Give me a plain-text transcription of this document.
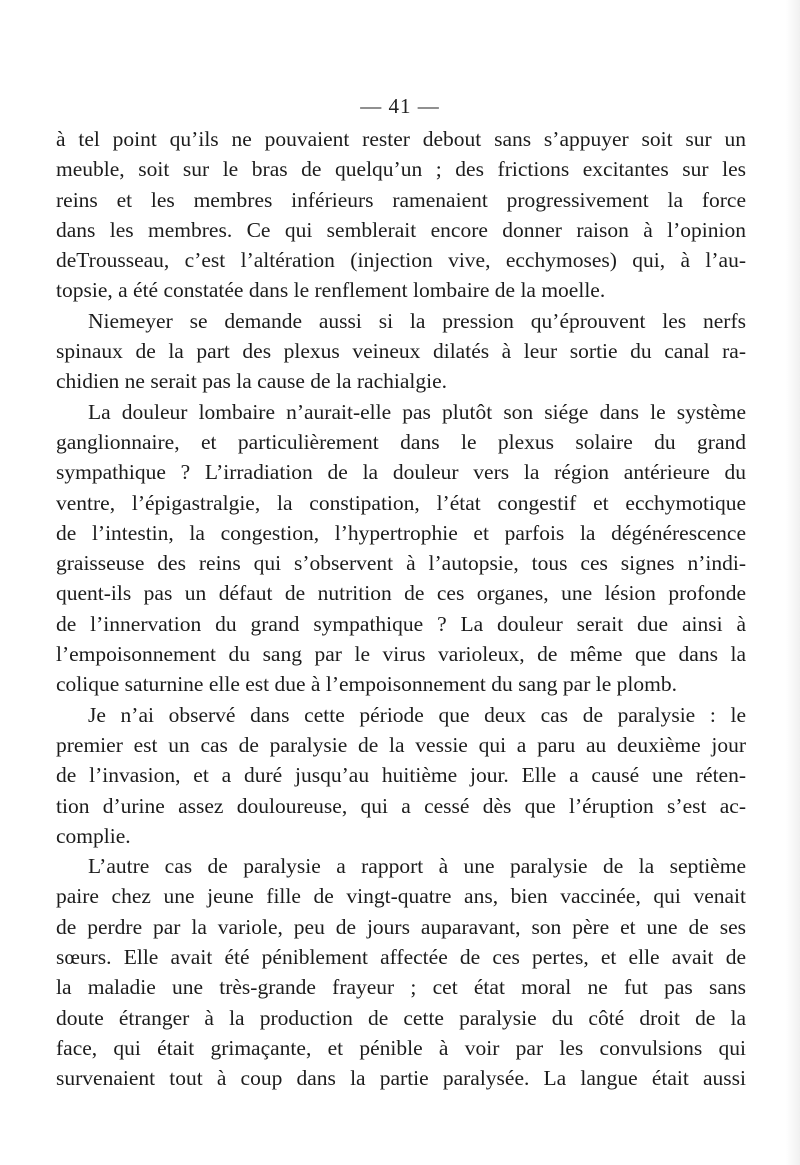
— 41 —
à tel point qu’ils ne pouvaient rester debout sans s’appuyer soit sur un
meuble, soit sur le bras de quelqu’un ; des frictions excitantes sur les
reins et les membres inférieurs ramenaient progressivement la force
dans les membres. Ce qui semblerait encore donner raison à l’opinion
deTrousseau, c’est l’altération (injection vive, ecchymoses) qui, à l’au-
topsie, a été constatée dans le renflement lombaire de la moelle.
Niemeyer se demande aussi si la pression qu’éprouvent les nerfs
spinaux de la part des plexus veineux dilatés à leur sortie du canal ra-
chidien ne serait pas la cause de la rachialgie.
La douleur lombaire n’aurait-elle pas plutôt son siége dans le système
ganglionnaire, et particulièrement dans le plexus solaire du grand
sympathique ? L’irradiation de la douleur vers la région antérieure du
ventre, l’épigastralgie, la constipation, l’état congestif et ecchymotique
de l’intestin, la congestion, l’hypertrophie et parfois la dégénérescence
graisseuse des reins qui s’observent à l’autopsie, tous ces signes n’indi-
quent-ils pas un défaut de nutrition de ces organes, une lésion profonde
de l’innervation du grand sympathique ? La douleur serait due ainsi à
l’empoisonnement du sang par le virus varioleux, de même que dans la
colique saturnine elle est due à l’empoisonnement du sang par le plomb.
Je n’ai observé dans cette période que deux cas de paralysie : le
premier est un cas de paralysie de la vessie qui a paru au deuxième jour
de l’invasion, et a duré jusqu’au huitième jour. Elle a causé une réten-
tion d’urine assez douloureuse, qui a cessé dès que l’éruption s’est ac-
complie.
L’autre cas de paralysie a rapport à une paralysie de la septième
paire chez une jeune fille de vingt-quatre ans, bien vaccinée, qui venait
de perdre par la variole, peu de jours auparavant, son père et une de ses
sœurs. Elle avait été péniblement affectée de ces pertes, et elle avait de
la maladie une très-grande frayeur ; cet état moral ne fut pas sans
doute étranger à la production de cette paralysie du côté droit de la
face, qui était grimaçante, et pénible à voir par les convulsions qui
survenaient tout à coup dans la partie paralysée. La langue était aussi
